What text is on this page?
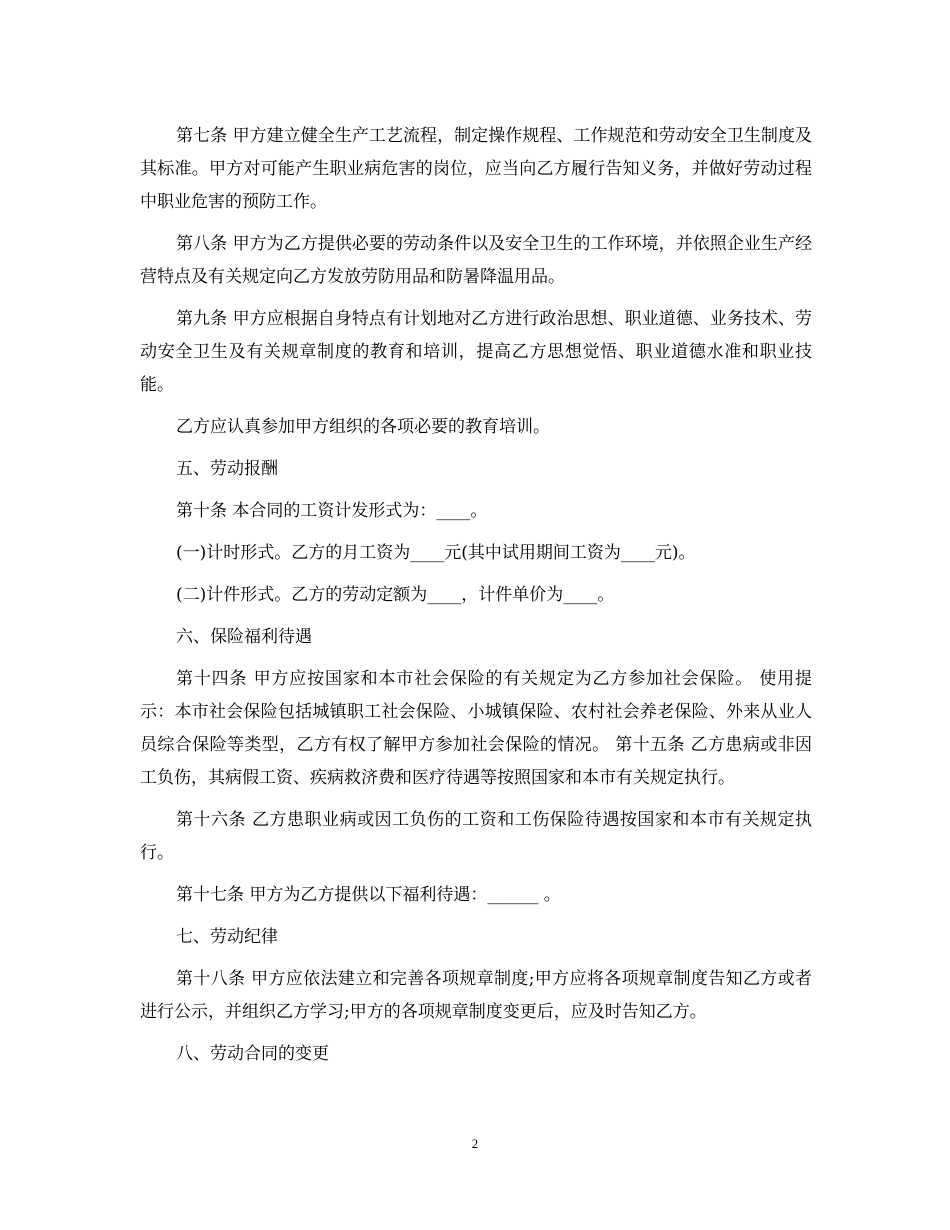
第七条 甲方建立健全生产工艺流程，制定操作规程、工作规范和劳动安全卫生制度及其标准。甲方对可能产生职业病危害的岗位，应当向乙方履行告知义务，并做好劳动过程中职业危害的预防工作。

第八条 甲方为乙方提供必要的劳动条件以及安全卫生的工作环境，并依照企业生产经营特点及有关规定向乙方发放劳防用品和防暑降温用品。

第九条 甲方应根据自身特点有计划地对乙方进行政治思想、职业道德、业务技术、劳动安全卫生及有关规章制度的教育和培训，提高乙方思想觉悟、职业道德水准和职业技能。

乙方应认真参加甲方组织的各项必要的教育培训。

五、劳动报酬

第十条 本合同的工资计发形式为：____。

(一)计时形式。乙方的月工资为____元(其中试用期间工资为____元)。

(二)计件形式。乙方的劳动定额为____，计件单价为____。

六、保险福利待遇

第十四条 甲方应按国家和本市社会保险的有关规定为乙方参加社会保险。 使用提示：本市社会保险包括城镇职工社会保险、小城镇保险、农村社会养老保险、外来从业人员综合保险等类型，乙方有权了解甲方参加社会保险的情况。 第十五条 乙方患病或非因工负伤，其病假工资、疾病救济费和医疗待遇等按照国家和本市有关规定执行。

第十六条 乙方患职业病或因工负伤的工资和工伤保险待遇按国家和本市有关规定执行。

第十七条 甲方为乙方提供以下福利待遇：______ 。

七、劳动纪律

第十八条 甲方应依法建立和完善各项规章制度;甲方应将各项规章制度告知乙方或者进行公示，并组织乙方学习;甲方的各项规章制度变更后，应及时告知乙方。

八、劳动合同的变更

2
